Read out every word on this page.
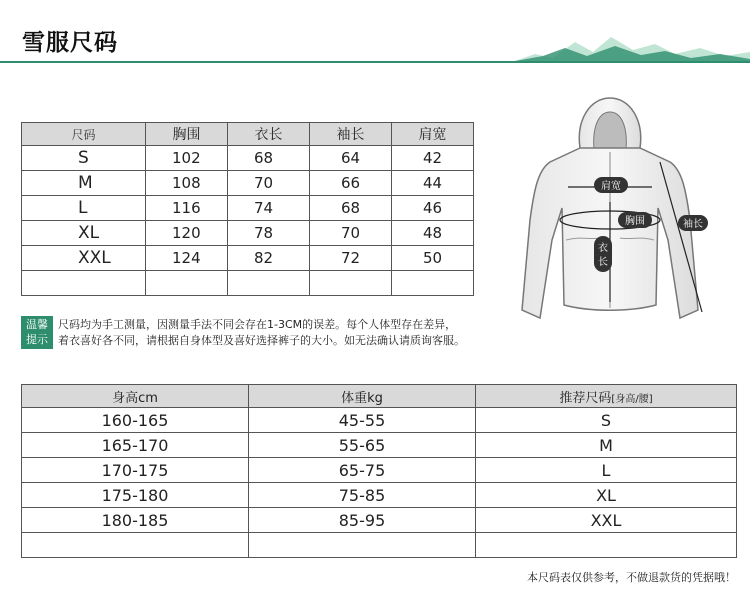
雪服尺码
尺码	胸围	衣长	袖长	肩宽
S	102	68	64	42
M	108	70	66	44
L	116	74	68	46
XL	120	78	70	48
XXL	124	82	72	50

肩宽
胸围
衣
长
袖长
温馨
提示
尺码均为手工测量，因测量手法不同会存在1-3CM的误差。每个人体型存在差异，
着衣喜好各不同，请根据自身体型及喜好选择裤子的大小。如无法确认请质询客服。
身高cm	体重kg	推荐尺码[身高/腰]
160-165	45-55	S
165-170	55-65	M
170-175	65-75	L
175-180	75-85	XL
180-185	85-95	XXL

本尺码表仅供参考，不做退款货的凭据哦！
